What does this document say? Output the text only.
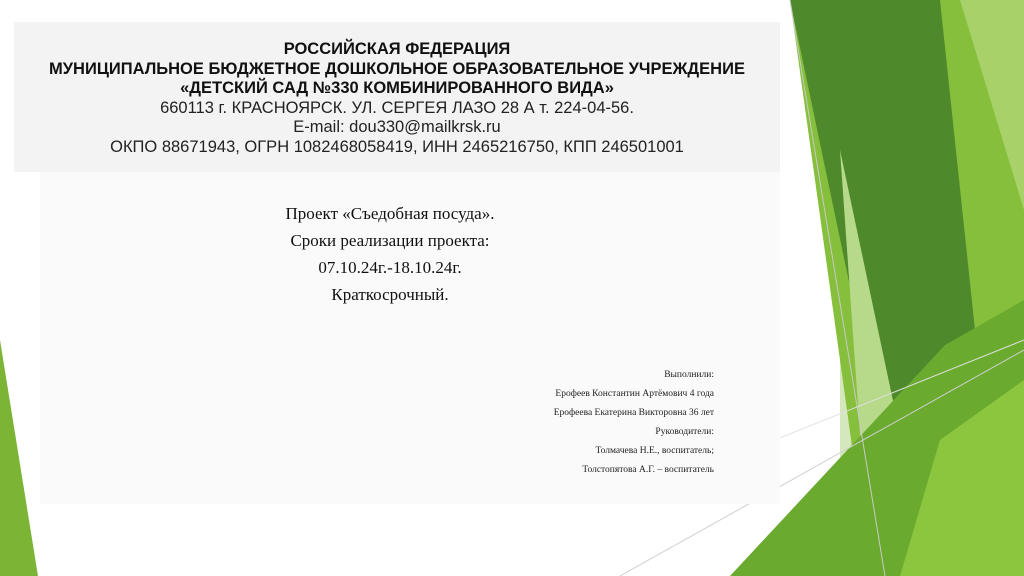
РОССИЙСКАЯ ФЕДЕРАЦИЯ
МУНИЦИПАЛЬНОЕ БЮДЖЕТНОЕ ДОШКОЛЬНОЕ ОБРАЗОВАТЕЛЬНОЕ УЧРЕЖДЕНИЕ
«ДЕТСКИЙ САД №330 КОМБИНИРОВАННОГО ВИДА»
660113 г. КРАСНОЯРСК. УЛ. СЕРГЕЯ ЛАЗО 28 А т. 224-04-56.
E-mail: dou330@mailkrsk.ru
ОКПО 88671943, ОГРН 1082468058419, ИНН 2465216750, КПП 246501001
Проект «Съедобная посуда».
Сроки реализации проекта:
07.10.24г.-18.10.24г.
Краткосрочный.
Выполнили:
Ерофеев Константин Артёмович 4 года
Ерофеева Екатерина Викторовна 36 лет
Руководители:
Толмачева Н.Е., воспитатель;
Толстопятова А.Г. – воспитатель
